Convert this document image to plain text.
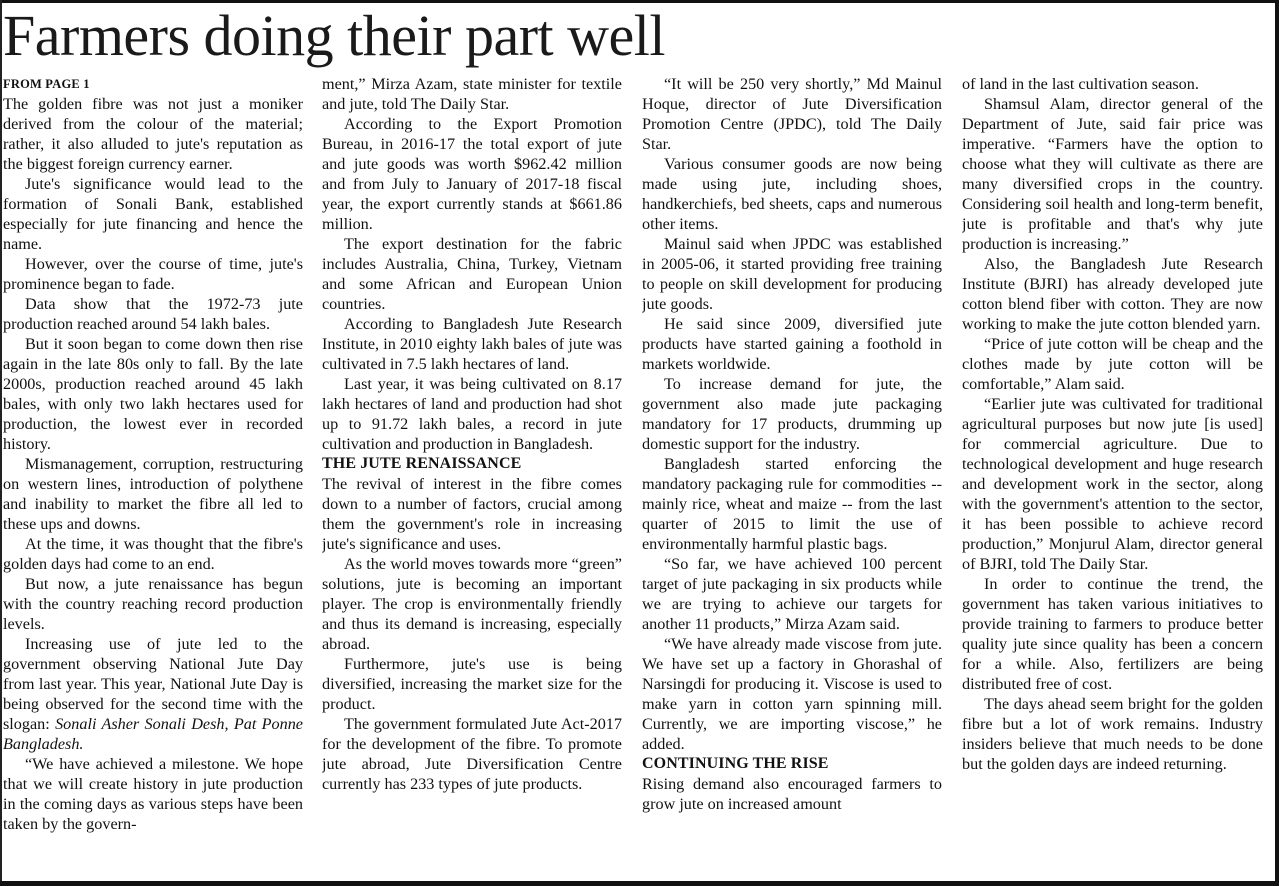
Farmers doing their part well

FROM PAGE 1

The golden fibre was not just a moniker derived from the colour of the material; rather, it also alluded to jute's reputation as the biggest foreign currency earner.

Jute's significance would lead to the formation of Sonali Bank, established especially for jute financing and hence the name.

However, over the course of time, jute's prominence began to fade.

Data show that the 1972-73 jute production reached around 54 lakh bales.

But it soon began to come down then rise again in the late 80s only to fall. By the late 2000s, production reached around 45 lakh bales, with only two lakh hectares used for production, the lowest ever in recorded history.

Mismanagement, corruption, restructuring on western lines, introduction of polythene and inability to market the fibre all led to these ups and downs.

At the time, it was thought that the fibre's golden days had come to an end.

But now, a jute renaissance has begun with the country reaching record production levels.

Increasing use of jute led to the government observing National Jute Day from last year. This year, National Jute Day is being observed for the second time with the slogan: Sonali Asher Sonali Desh, Pat Ponne Bangladesh.

“We have achieved a milestone. We hope that we will create history in jute production in the coming days as various steps have been taken by the govern-

ment,” Mirza Azam, state minister for textile and jute, told The Daily Star.

According to the Export Promotion Bureau, in 2016-17 the total export of jute and jute goods was worth $962.42 million and from July to January of 2017-18 fiscal year, the export currently stands at $661.86 million.

The export destination for the fabric includes Australia, China, Turkey, Vietnam and some African and European Union countries.

According to Bangladesh Jute Research Institute, in 2010 eighty lakh bales of jute was cultivated in 7.5 lakh hectares of land.

Last year, it was being cultivated on 8.17 lakh hectares of land and production had shot up to 91.72 lakh bales, a record in jute cultivation and production in Bangladesh.

THE JUTE RENAISSANCE

The revival of interest in the fibre comes down to a number of factors, crucial among them the government's role in increasing jute's significance and uses.

As the world moves towards more “green” solutions, jute is becoming an important player. The crop is environmentally friendly and thus its demand is increasing, especially abroad.

Furthermore, jute's use is being diversified, increasing the market size for the product.

The government formulated Jute Act-2017 for the development of the fibre. To promote jute abroad, Jute Diversification Centre currently has 233 types of jute products.

“It will be 250 very shortly,” Md Mainul Hoque, director of Jute Diversification Promotion Centre (JPDC), told The Daily Star.

Various consumer goods are now being made using jute, including shoes, handkerchiefs, bed sheets, caps and numerous other items.

Mainul said when JPDC was established in 2005-06, it started providing free training to people on skill development for producing jute goods.

He said since 2009, diversified jute products have started gaining a foothold in markets worldwide.

To increase demand for jute, the government also made jute packaging mandatory for 17 products, drumming up domestic support for the industry.

Bangladesh started enforcing the mandatory packaging rule for commodities -- mainly rice, wheat and maize -- from the last quarter of 2015 to limit the use of environmentally harmful plastic bags.

“So far, we have achieved 100 percent target of jute packaging in six products while we are trying to achieve our targets for another 11 products,” Mirza Azam said.

“We have already made viscose from jute. We have set up a factory in Ghorashal of Narsingdi for producing it. Viscose is used to make yarn in cotton yarn spinning mill. Currently, we are importing viscose,” he added.

CONTINUING THE RISE

Rising demand also encouraged farmers to grow jute on increased amount

of land in the last cultivation season.

Shamsul Alam, director general of the Department of Jute, said fair price was imperative. “Farmers have the option to choose what they will cultivate as there are many diversified crops in the country. Considering soil health and long-term benefit, jute is profitable and that's why jute production is increasing.”

Also, the Bangladesh Jute Research Institute (BJRI) has already developed jute cotton blend fiber with cotton. They are now working to make the jute cotton blended yarn.

“Price of jute cotton will be cheap and the clothes made by jute cotton will be comfortable,” Alam said.

“Earlier jute was cultivated for traditional agricultural purposes but now jute [is used] for commercial agriculture. Due to technological development and huge research and development work in the sector, along with the government's attention to the sector, it has been possible to achieve record production,” Monjurul Alam, director general of BJRI, told The Daily Star.

In order to continue the trend, the government has taken various initiatives to provide training to farmers to produce better quality jute since quality has been a concern for a while. Also, fertilizers are being distributed free of cost.

The days ahead seem bright for the golden fibre but a lot of work remains. Industry insiders believe that much needs to be done but the golden days are indeed returning.
